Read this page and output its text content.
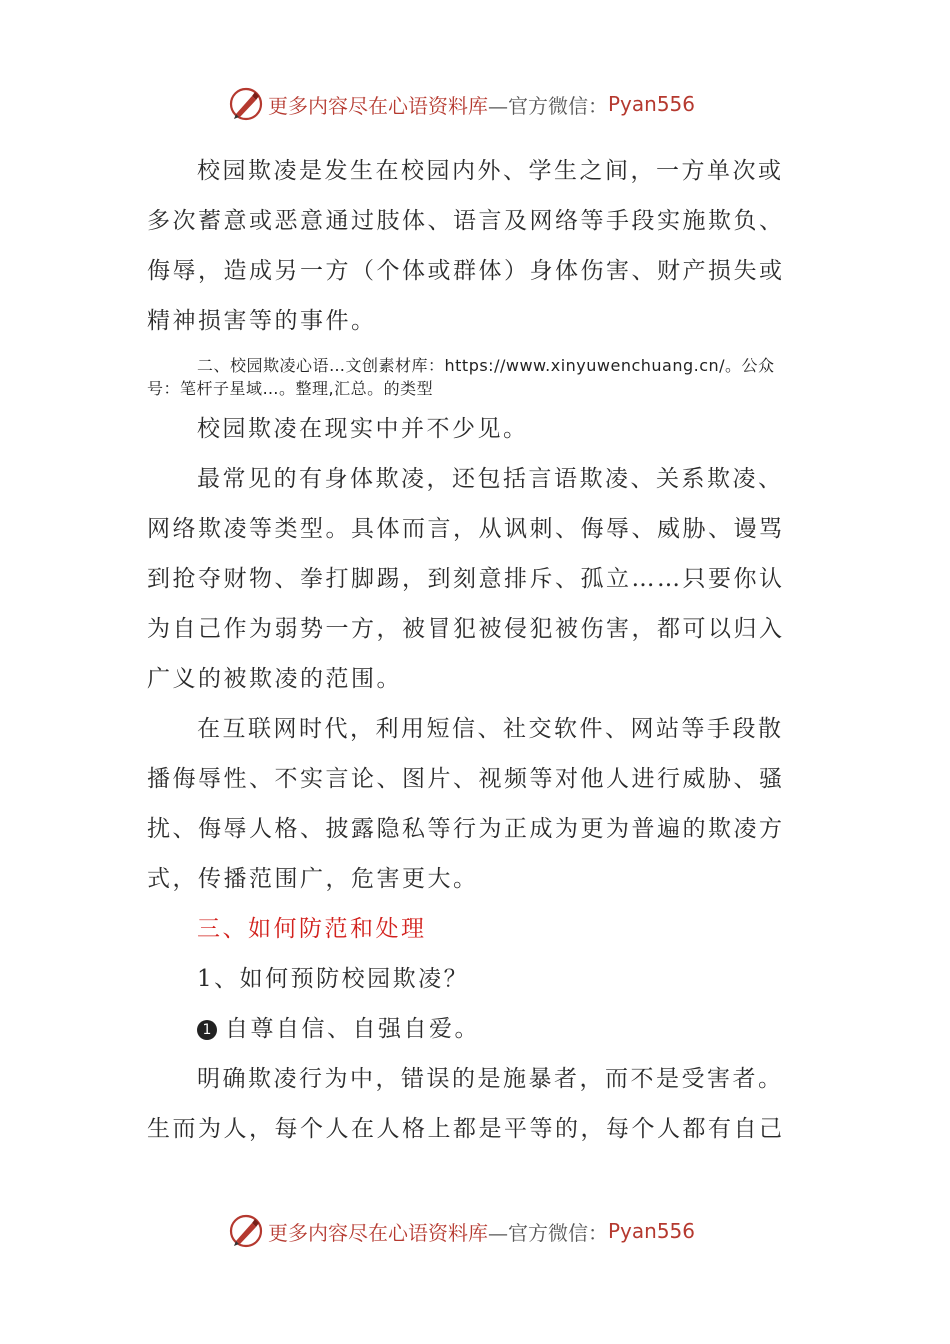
更多内容尽在心语资料库 —官方微信： Pyan556

校园欺凌是发生在校园内外、学生之间，一方单次或多次蓄意或恶意通过肢体、语言及网络等手段实施欺负、侮辱，造成另一方（个体或群体）身体伤害、财产损失或精神损害等的事件。

二、校园欺凌心语…文创素材库：https://www.xinyuwenchuang.cn/。公众号：笔杆子星域…。整理,汇总。的类型

校园欺凌在现实中并不少见。

最常见的有身体欺凌，还包括言语欺凌、关系欺凌、网络欺凌等类型。具体而言，从讽刺、侮辱、威胁、谩骂到抢夺财物、拳打脚踢，到刻意排斥、孤立……只要你认为自己作为弱势一方，被冒犯被侵犯被伤害，都可以归入广义的被欺凌的范围。

在互联网时代，利用短信、社交软件、网站等手段散播侮辱性、不实言论、图片、视频等对他人进行威胁、骚扰、侮辱人格、披露隐私等行为正成为更为普遍的欺凌方式，传播范围广，危害更大。

三、如何防范和处理

1、如何预防校园欺凌？

1 自尊自信、自强自爱。

明确欺凌行为中，错误的是施暴者，而不是受害者。生而为人，每个人在人格上都是平等的，每个人都有自己

更多内容尽在心语资料库 —官方微信： Pyan556
